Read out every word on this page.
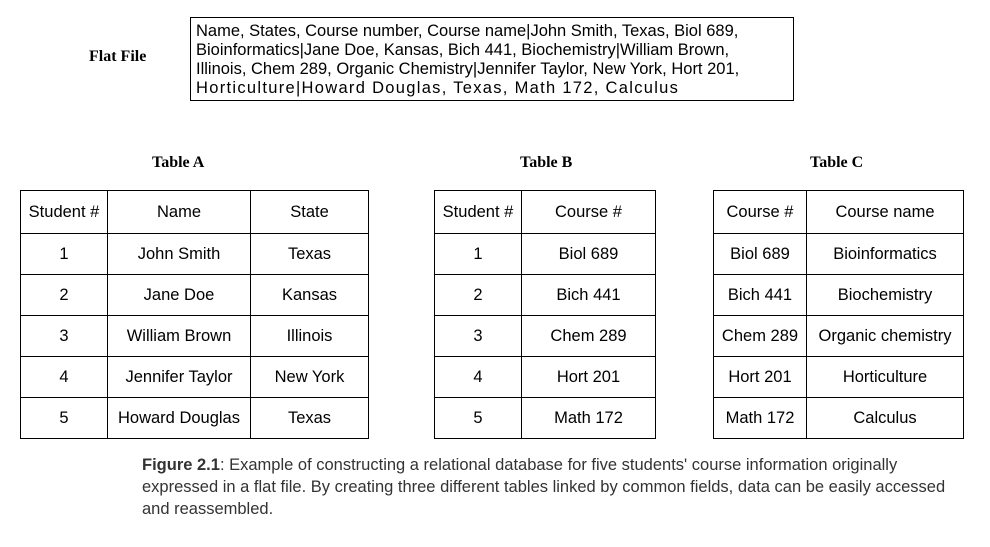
Flat File
Name, States, Course number, Course name|John Smith, Texas, Biol 689,
Bioinformatics|Jane Doe, Kansas, Bich 441, Biochemistry|William Brown,
Illinois, Chem 289, Organic Chemistry|Jennifer Taylor, New York, Hort 201,
Horticulture|Howard Douglas, Texas, Math 172, Calculus
Table A	Table B	Table C
Student #	Name	State
1	John Smith	Texas
2	Jane Doe	Kansas
3	William Brown	Illinois
4	Jennifer Taylor	New York
5	Howard Douglas	Texas
Student #	Course #
1	Biol 689
2	Bich 441
3	Chem 289
4	Hort 201
5	Math 172
Course #	Course name
Biol 689	Bioinformatics
Bich 441	Biochemistry
Chem 289	Organic chemistry
Hort 201	Horticulture
Math 172	Calculus
Figure 2.1: Example of constructing a relational database for five students' course information originally expressed in a flat file. By creating three different tables linked by common fields, data can be easily accessed and reassembled.
